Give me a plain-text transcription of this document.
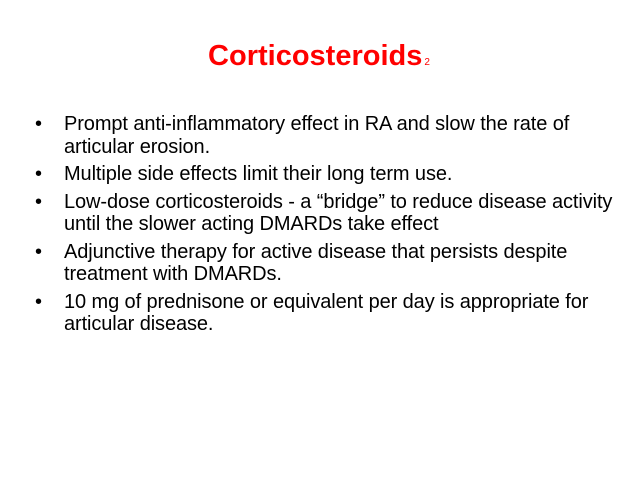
Corticosteroids 2
•	Prompt anti-inflammatory effect in RA and slow the rate of articular erosion.
•	Multiple side effects limit their long term use.
•	Low-dose corticosteroids - a “bridge” to reduce disease activity until the slower acting DMARDs take effect
•	Adjunctive therapy for active disease that persists despite treatment with DMARDs.
•	10 mg of prednisone or equivalent per day is appropriate for articular disease.
